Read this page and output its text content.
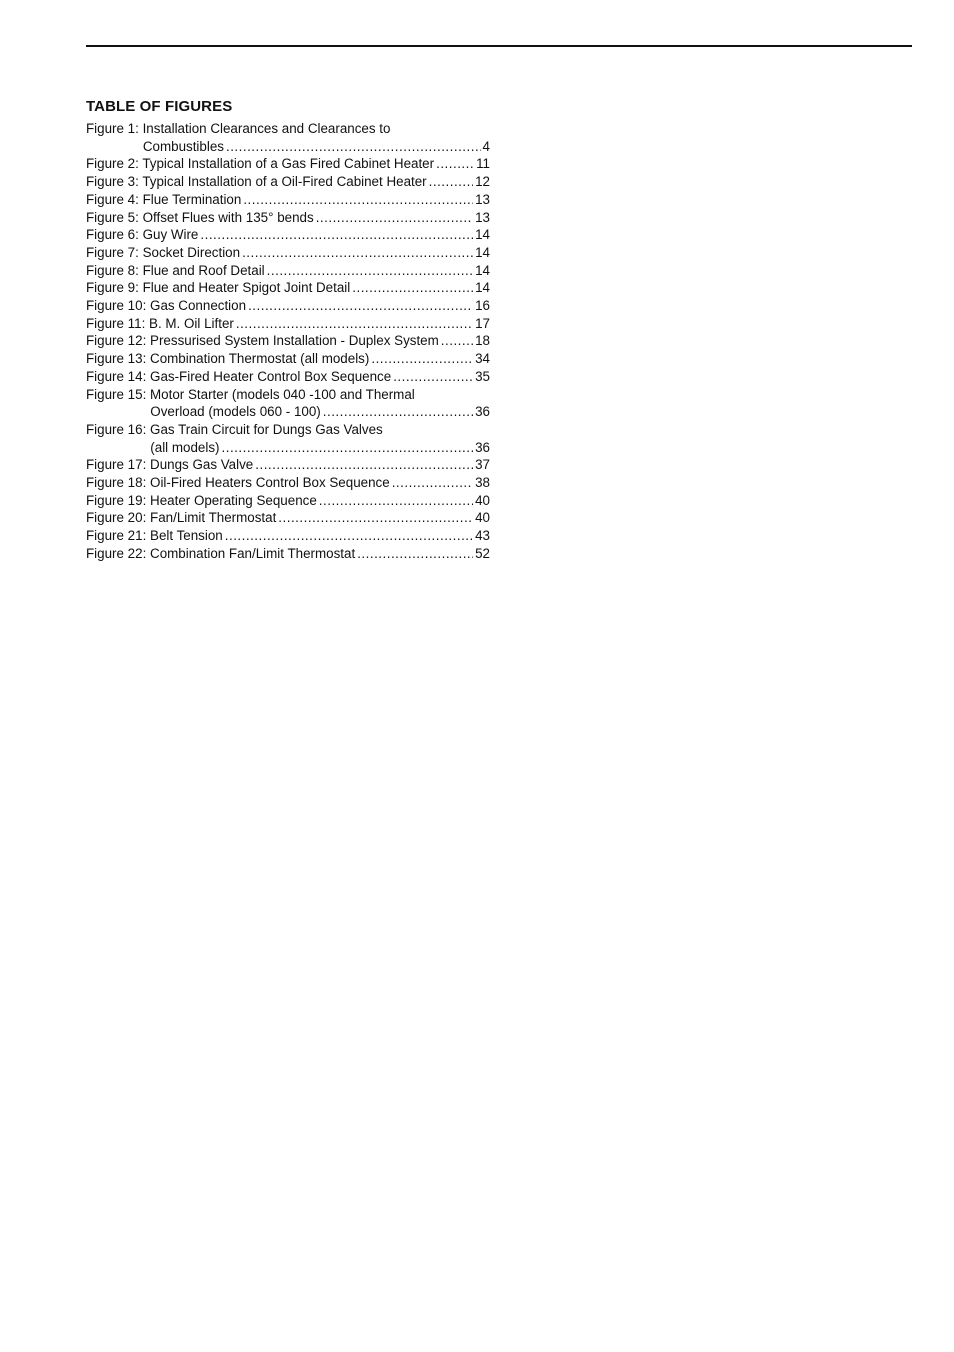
TABLE OF FIGURES
Figure 1: Installation Clearances and Clearances to
Combustibles .....	4
Figure 2: Typical Installation of a Gas Fired Cabinet Heater .....	11
Figure 3: Typical Installation of a Oil-Fired Cabinet Heater .....	12
Figure 4: Flue Termination .....	13
Figure 5: Offset Flues with 135° bends .....	13
Figure 6: Guy Wire .....	14
Figure 7: Socket Direction .....	14
Figure 8: Flue and Roof Detail .....	14
Figure 9: Flue and Heater Spigot Joint Detail .....	14
Figure 10: Gas Connection .....	16
Figure 11: B. M. Oil Lifter .....	17
Figure 12: Pressurised System Installation - Duplex System .....	18
Figure 13: Combination Thermostat (all models) .....	34
Figure 14: Gas-Fired Heater Control Box Sequence .....	35
Figure 15: Motor Starter (models 040 -100 and Thermal
Overload (models 060 - 100) .....	36
Figure 16: Gas Train Circuit for Dungs Gas Valves
(all models) .....	36
Figure 17: Dungs Gas Valve .....	37
Figure 18: Oil-Fired Heaters Control Box Sequence .....	38
Figure 19: Heater Operating Sequence .....	40
Figure 20: Fan/Limit Thermostat .....	40
Figure 21: Belt Tension .....	43
Figure 22: Combination Fan/Limit Thermostat .....	52
